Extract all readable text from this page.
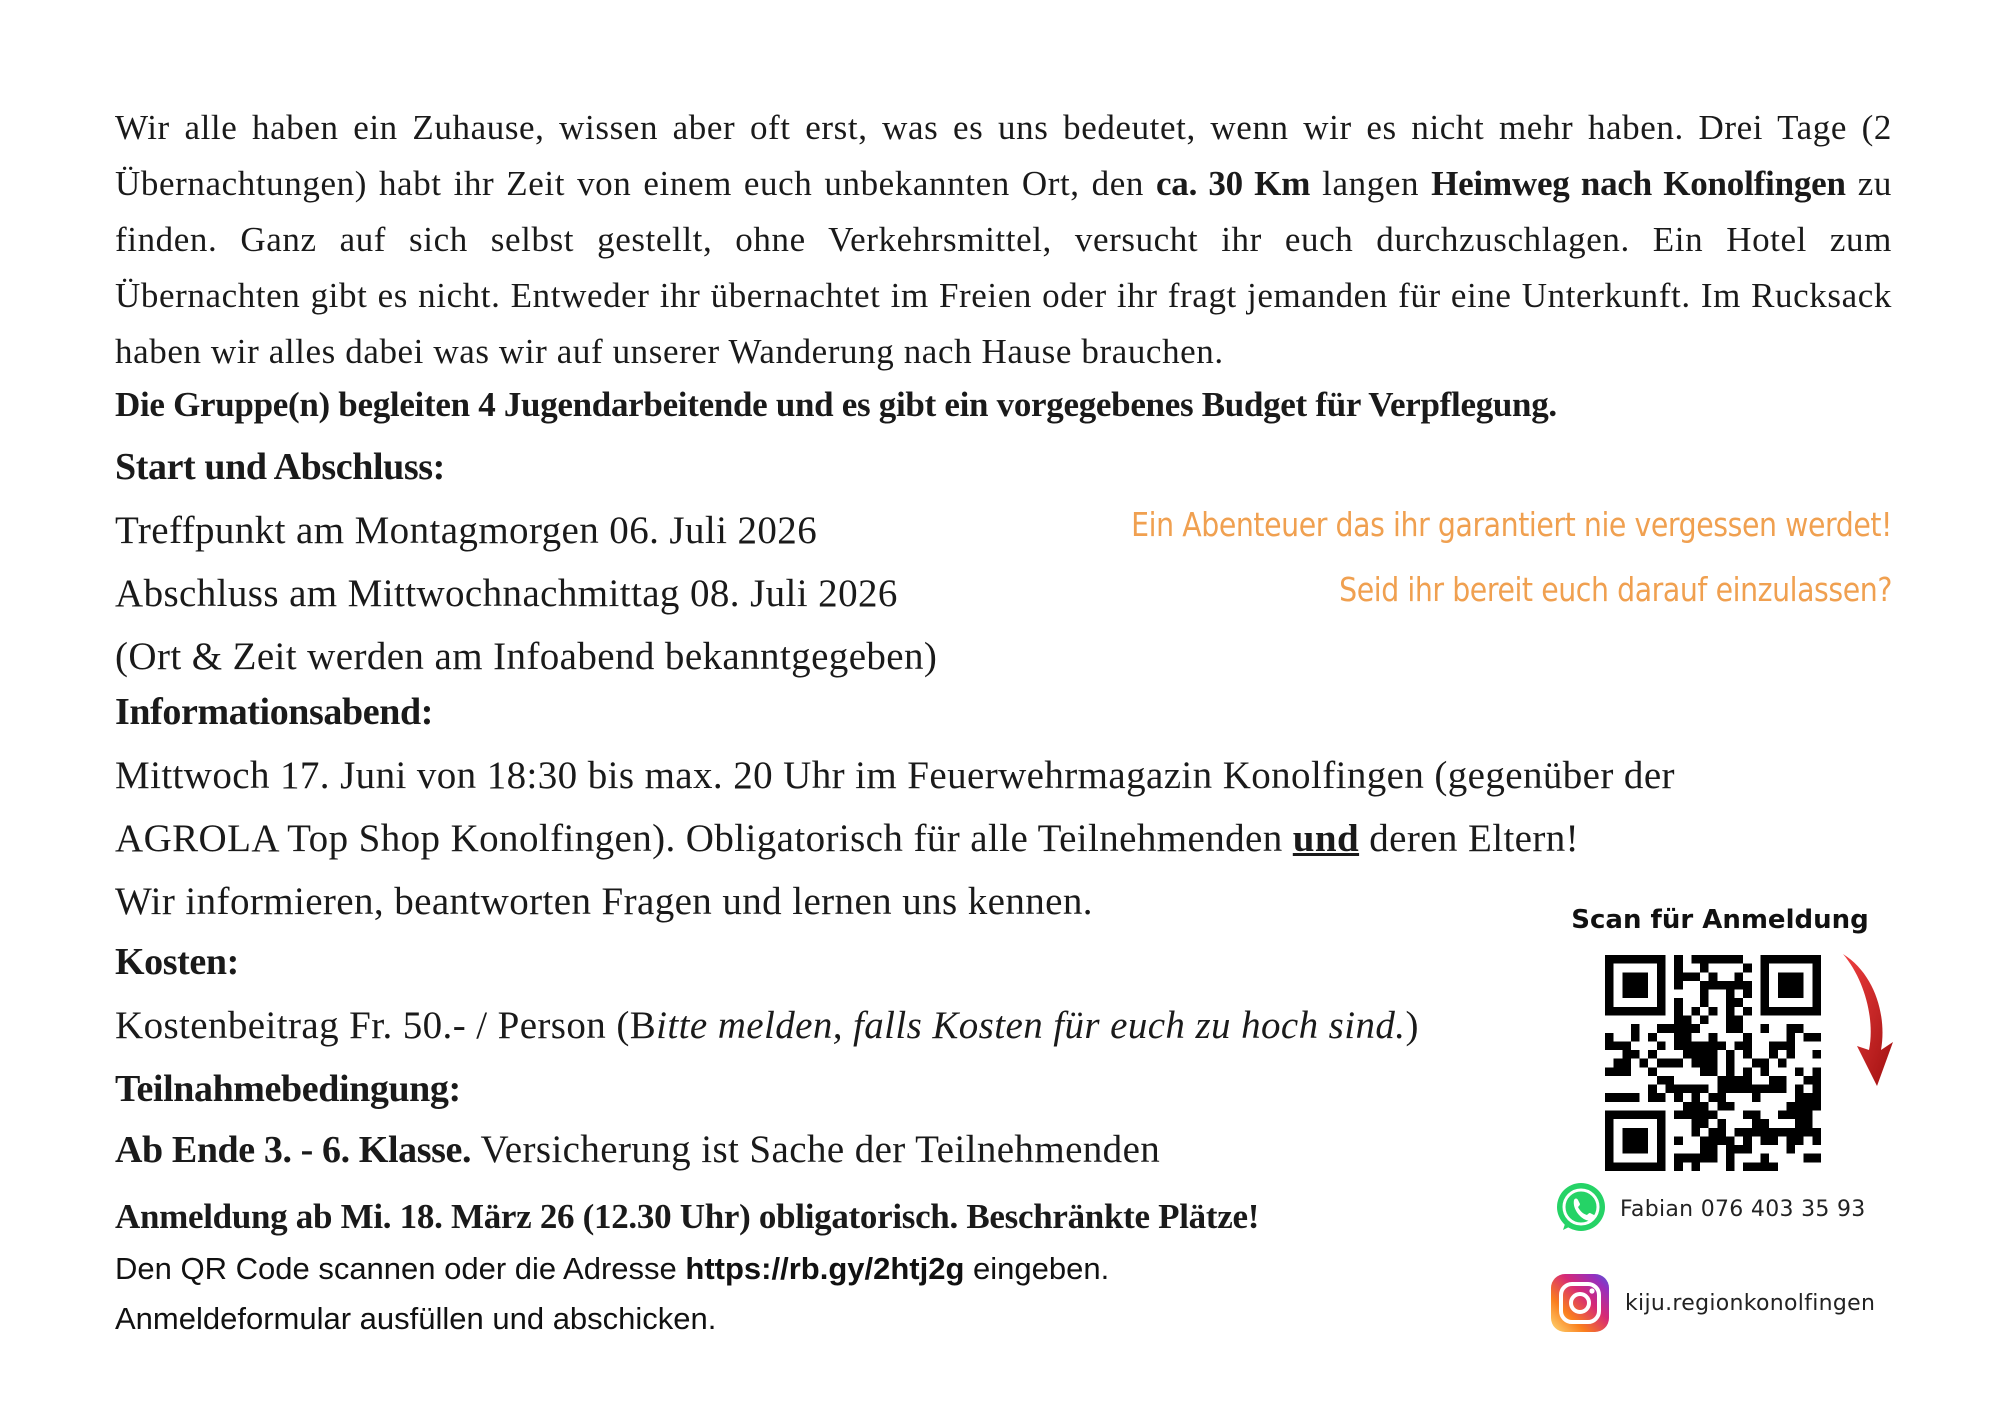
Wir alle haben ein Zuhause, wissen aber oft erst, was es uns bedeutet, wenn wir es nicht mehr haben. Drei Tage (2 Übernachtungen) habt ihr Zeit von einem euch unbekannten Ort, den ca. 30 Km langen Heimweg nach Konolfingen zu finden. Ganz auf sich selbst gestellt, ohne Verkehrsmittel, versucht ihr euch durchzuschlagen. Ein Hotel zum Übernachten gibt es nicht. Entweder ihr übernachtet im Freien oder ihr fragt jemanden für eine Unterkunft. Im Rucksack haben wir alles dabei was wir auf unserer Wanderung nach Hause brauchen.

Die Gruppe(n) begleiten 4 Jugendarbeitende und es gibt ein vorgegebenes Budget für Verpflegung.
Start und Abschluss:
Treffpunkt am Montagmorgen 06. Juli 2026
Abschluss am Mittwochnachmittag 08. Juli 2026
(Ort & Zeit werden am Infoabend bekanntgegeben)
Ein Abenteuer das ihr garantiert nie vergessen werdet!
Seid ihr bereit euch darauf einzulassen?
Informationsabend:
Mittwoch 17. Juni von 18:30 bis max. 20 Uhr im Feuerwehrmagazin Konolfingen (gegenüber der
AGROLA Top Shop Konolfingen). Obligatorisch für alle Teilnehmenden und deren Eltern!
Wir informieren, beantworten Fragen und lernen uns kennen.
Kosten:
Kostenbeitrag Fr. 50.- / Person (Bitte melden, falls Kosten für euch zu hoch sind.)
Teilnahmebedingung:
Ab Ende 3. - 6. Klasse. Versicherung ist Sache der Teilnehmenden
Anmeldung ab Mi. 18. März 26 (12.30 Uhr) obligatorisch. Beschränkte Plätze!
Den QR Code scannen oder die Adresse https://rb.gy/2htj2g eingeben.
Anmeldeformular ausfüllen und abschicken.
Scan für Anmeldung
Fabian 076 403 35 93
kiju.regionkonolfingen
